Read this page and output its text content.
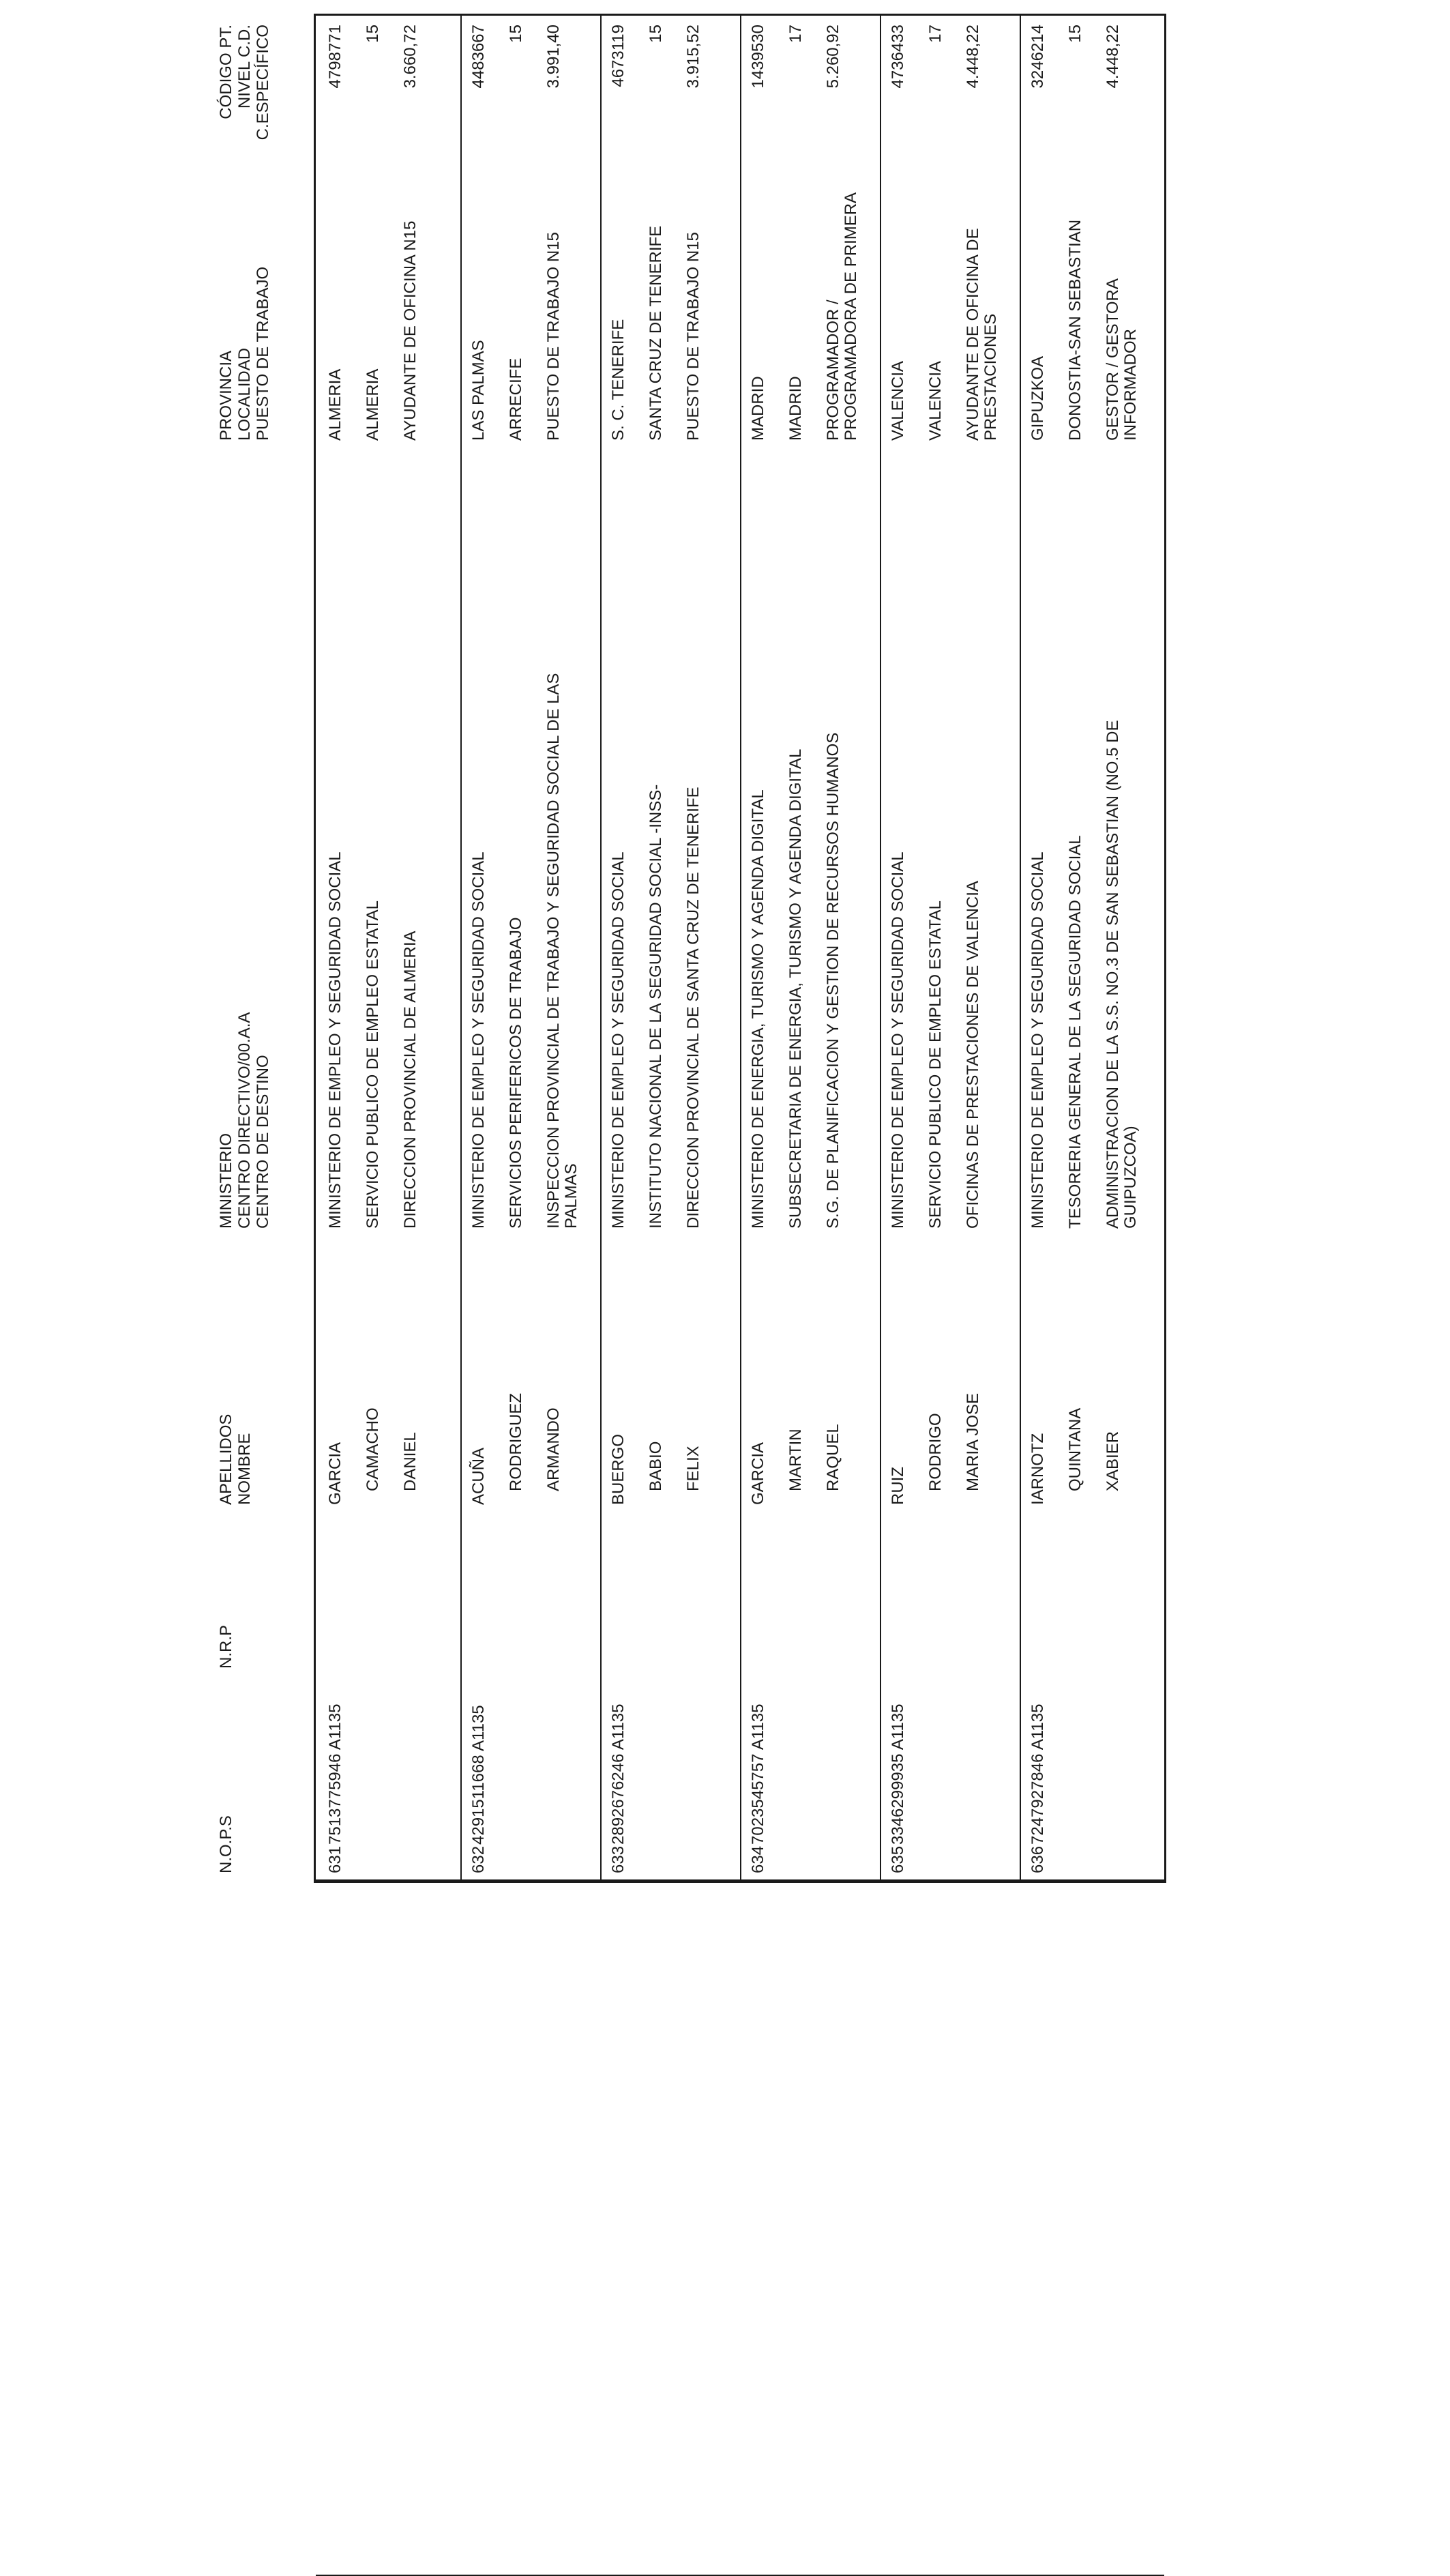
N.O.P.S
N.R.P
APELLIDOS NOMBRE
MINISTERIO CENTRO DIRECTIVO/00.A.A CENTRO DE DESTINO
PROVINCIA LOCALIDAD PUESTO DE TRABAJO
CÓDIGO PT. NIVEL C.D. C.ESPECÍFICO
631
7513775946 A1135
GARCIA CAMACHO DANIEL
MINISTERIO DE EMPLEO Y SEGURIDAD SOCIAL SERVICIO PUBLICO DE EMPLEO ESTATAL DIRECCION PROVINCIAL DE ALMERIA
ALMERIA ALMERIA AYUDANTE DE OFICINA N15
4798771 15 3.660,72
632
4291511668 A1135
ACUÑA RODRIGUEZ ARMANDO
MINISTERIO DE EMPLEO Y SEGURIDAD SOCIAL SERVICIOS PERIFERICOS DE TRABAJO INSPECCION PROVINCIAL DE TRABAJO Y SEGURIDAD SOCIAL DE LAS PALMAS
LAS PALMAS ARRECIFE PUESTO DE TRABAJO N15
4483667 15 3.991,40
633
2892676246 A1135
BUERGO BABIO FELIX
MINISTERIO DE EMPLEO Y SEGURIDAD SOCIAL INSTITUTO NACIONAL DE LA SEGURIDAD SOCIAL -INSS- DIRECCION PROVINCIAL DE SANTA CRUZ DE TENERIFE
S. C. TENERIFE SANTA CRUZ DE TENERIFE PUESTO DE TRABAJO N15
4673119 15 3.915,52
634
7023545757 A1135
GARCIA MARTIN RAQUEL
MINISTERIO DE ENERGIA, TURISMO Y AGENDA DIGITAL SUBSECRETARIA DE ENERGIA, TURISMO Y AGENDA DIGITAL S.G. DE PLANIFICACION Y GESTION DE RECURSOS HUMANOS
MADRID MADRID PROGRAMADOR / PROGRAMADORA DE PRIMERA
1439530 17 5.260,92
635
3346299935 A1135
RUIZ RODRIGO MARIA JOSE
MINISTERIO DE EMPLEO Y SEGURIDAD SOCIAL SERVICIO PUBLICO DE EMPLEO ESTATAL OFICINAS DE PRESTACIONES DE VALENCIA
VALENCIA VALENCIA AYUDANTE DE OFICINA DE PRESTACIONES
4736433 17 4.448,22
636
7247927846 A1135
IARNOTZ QUINTANA XABIER
MINISTERIO DE EMPLEO Y SEGURIDAD SOCIAL TESORERIA GENERAL DE LA SEGURIDAD SOCIAL ADMINISTRACION DE LA S.S. NO.3 DE SAN SEBASTIAN (NO.5 DE GUIPUZCOA)
GIPUZKOA DONOSTIA-SAN SEBASTIAN GESTOR / GESTORA INFORMADOR
3246214 15 4.448,22
